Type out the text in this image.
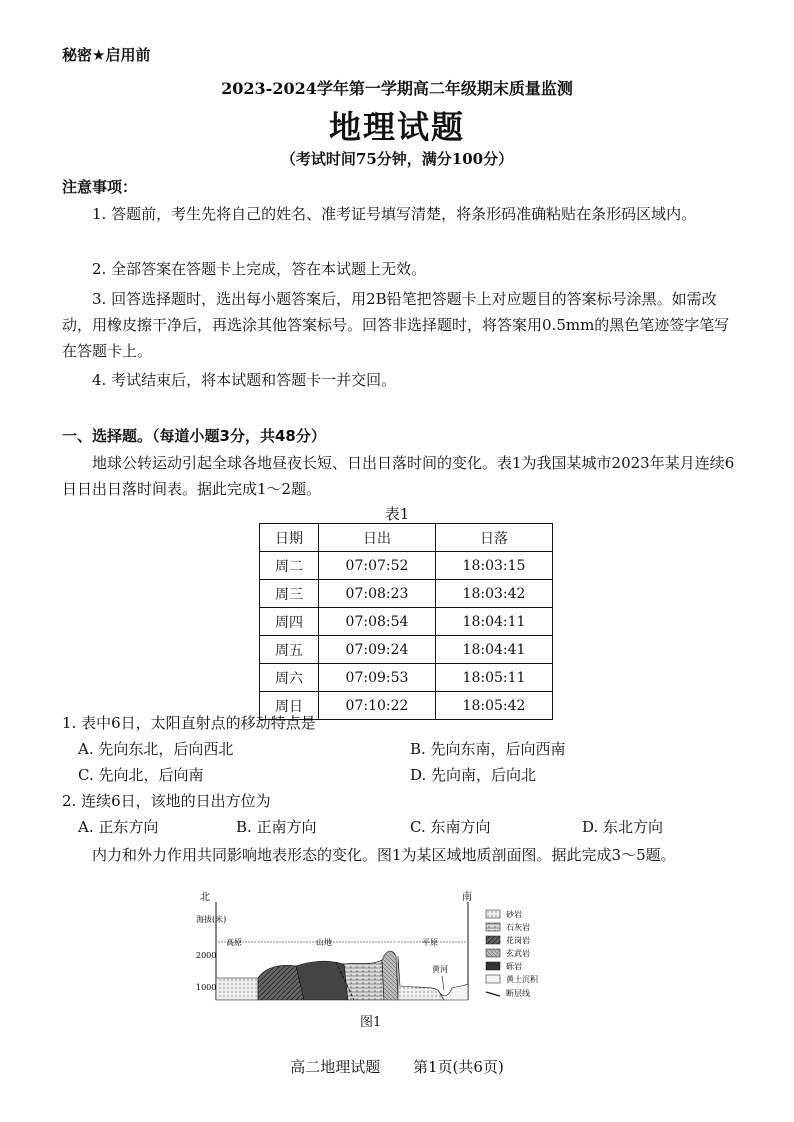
秘密★启用前
2023-2024学年第一学期高二年级期末质量监测
地理试题
（考试时间75分钟，满分100分）
注意事项：
1. 答题前，考生先将自己的姓名、准考证号填写清楚，将条形码准确粘贴在条形码区域内。
2. 全部答案在答题卡上完成，答在本试题上无效。
3. 回答选择题时，选出每小题答案后，用2B铅笔把答题卡上对应题目的答案标号涂黑。如需改动，用橡皮擦干净后，再选涂其他答案标号。回答非选择题时，将答案用0.5mm的黑色笔迹签字笔写在答题卡上。
4. 考试结束后，将本试题和答题卡一并交回。
一、选择题。（每道小题3分，共48分）
地球公转运动引起全球各地昼夜长短、日出日落时间的变化。表1为我国某城市2023年某月连续6日日出日落时间表。据此完成1～2题。
表1
日期	日出	日落
周二	07:07:52	18:03:15
周三	07:08:23	18:03:42
周四	07:08:54	18:04:11
周五	07:09:24	18:04:41
周六	07:09:53	18:05:11
周日	07:10:22	18:05:42
1. 表中6日，太阳直射点的移动特点是
A. 先向东北，后向西北	B. 先向东南，后向西南
C. 先向北，后向南	D. 先向南，后向北
2. 连续6日，该地的日出方位为
A. 正东方向	B. 正南方向	C. 东南方向	D. 东北方向
内力和外力作用共同影响地表形态的变化。图1为某区域地质剖面图。据此完成3～5题。
北	南
海拔(米)
2000
1000
高原	山地	平原
黄河
砂岩
石灰岩
花岗岩
玄武岩
砾岩
黄土沉积
断层线
图1
高二地理试题 第1页(共6页)
